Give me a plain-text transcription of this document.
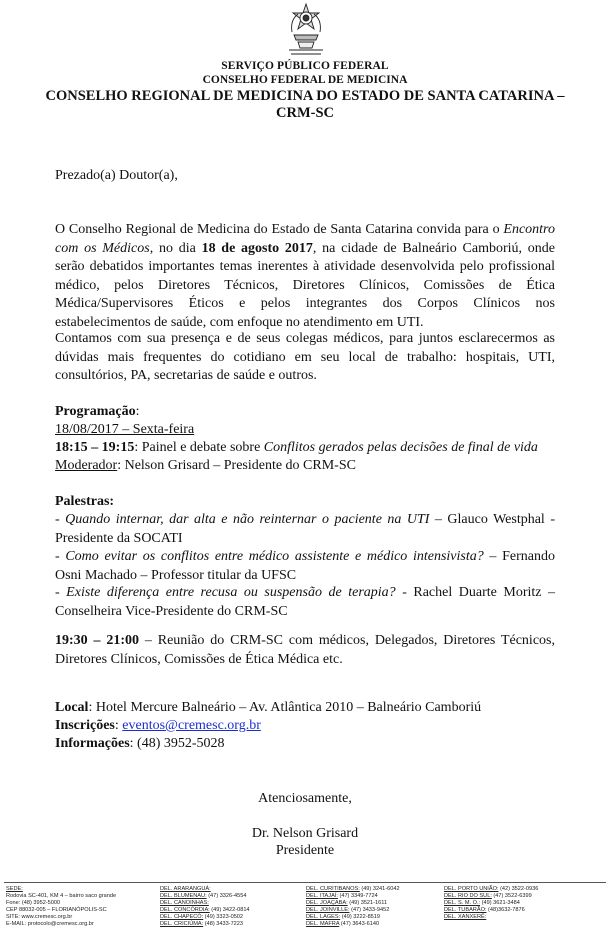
SERVIÇO PÚBLICO FEDERAL
CONSELHO FEDERAL DE MEDICINA
CONSELHO REGIONAL DE MEDICINA DO ESTADO DE SANTA CATARINA –
CRM-SC
Prezado(a) Doutor(a),

O Conselho Regional de Medicina do Estado de Santa Catarina convida para o Encontro com os Médicos, no dia 18 de agosto 2017, na cidade de Balneário Camboriú, onde serão debatidos importantes temas inerentes à atividade desenvolvida pelo profissional médico, pelos Diretores Técnicos, Diretores Clínicos, Comissões de Ética Médica/Supervisores Éticos e pelos integrantes dos Corpos Clínicos nos estabelecimentos de saúde, com enfoque no atendimento em UTI.

Contamos com sua presença e de seus colegas médicos, para juntos esclarecermos as dúvidas mais frequentes do cotidiano em seu local de trabalho: hospitais, UTI, consultórios, PA, secretarias de saúde e outros.

Programação:
18/08/2017 – Sexta-feira
18:15 – 19:15: Painel e debate sobre Conflitos gerados pelas decisões de final de vida
Moderador: Nelson Grisard – Presidente do CRM-SC
Palestras:

- Quando internar, dar alta e não reinternar o paciente na UTI – Glauco Westphal - Presidente da SOCATI

- Como evitar os conflitos entre médico assistente e médico intensivista? – Fernando Osni Machado – Professor titular da UFSC

- Existe diferença entre recusa ou suspensão de terapia? - Rachel Duarte Moritz – Conselheira Vice-Presidente do CRM-SC

19:30 – 21:00 – Reunião do CRM-SC com médicos, Delegados, Diretores Técnicos, Diretores Clínicos, Comissões de Ética Médica etc.

Local: Hotel Mercure Balneário – Av. Atlântica 2010 – Balneário Camboriú
Inscrições: eventos@cremesc.org.br
Informações: (48) 3952-5028
Atenciosamente,
Dr. Nelson Grisard
Presidente
SEDE:
Rodovia SC-401, KM 4 – bairro saco grande
Fone: (48) 3952-5000
CEP 88032-005 – FLORIANÓPOLIS-SC
SITE: www.cremesc.org.br
E-MAIL: protocolo@cremesc.org.br
DEL. ARARANGUÁ:
DEL. BLUMENAU: (47) 3326-4554
DEL. CANOINHAS:
DEL. CONCÓRDIA: (49) 3422-0814
DEL. CHAPECÓ: (49) 3323-0502
DEL. CRICIÚMA: (48) 3433-7223
DEL. CURITIBANOS: (49) 3241-6042
DEL. ITAJAÍ: (47) 3349-7724
DEL. JOAÇABA: (49) 3521-1611
DEL. JOINVILLE: (47) 3433-9452
DEL. LAGES: (49) 3222-8519
DEL. MAFRA (47) 3643-6140
DEL. PORTO UNIÃO: (42) 3522-0936
DEL. RIO DO SUL: (47) 3522-6399
DEL. S. M. O.: (49) 3621-3484
DEL. TUBARÃO: (48)3632-7876
DEL. XANXERÊ:
